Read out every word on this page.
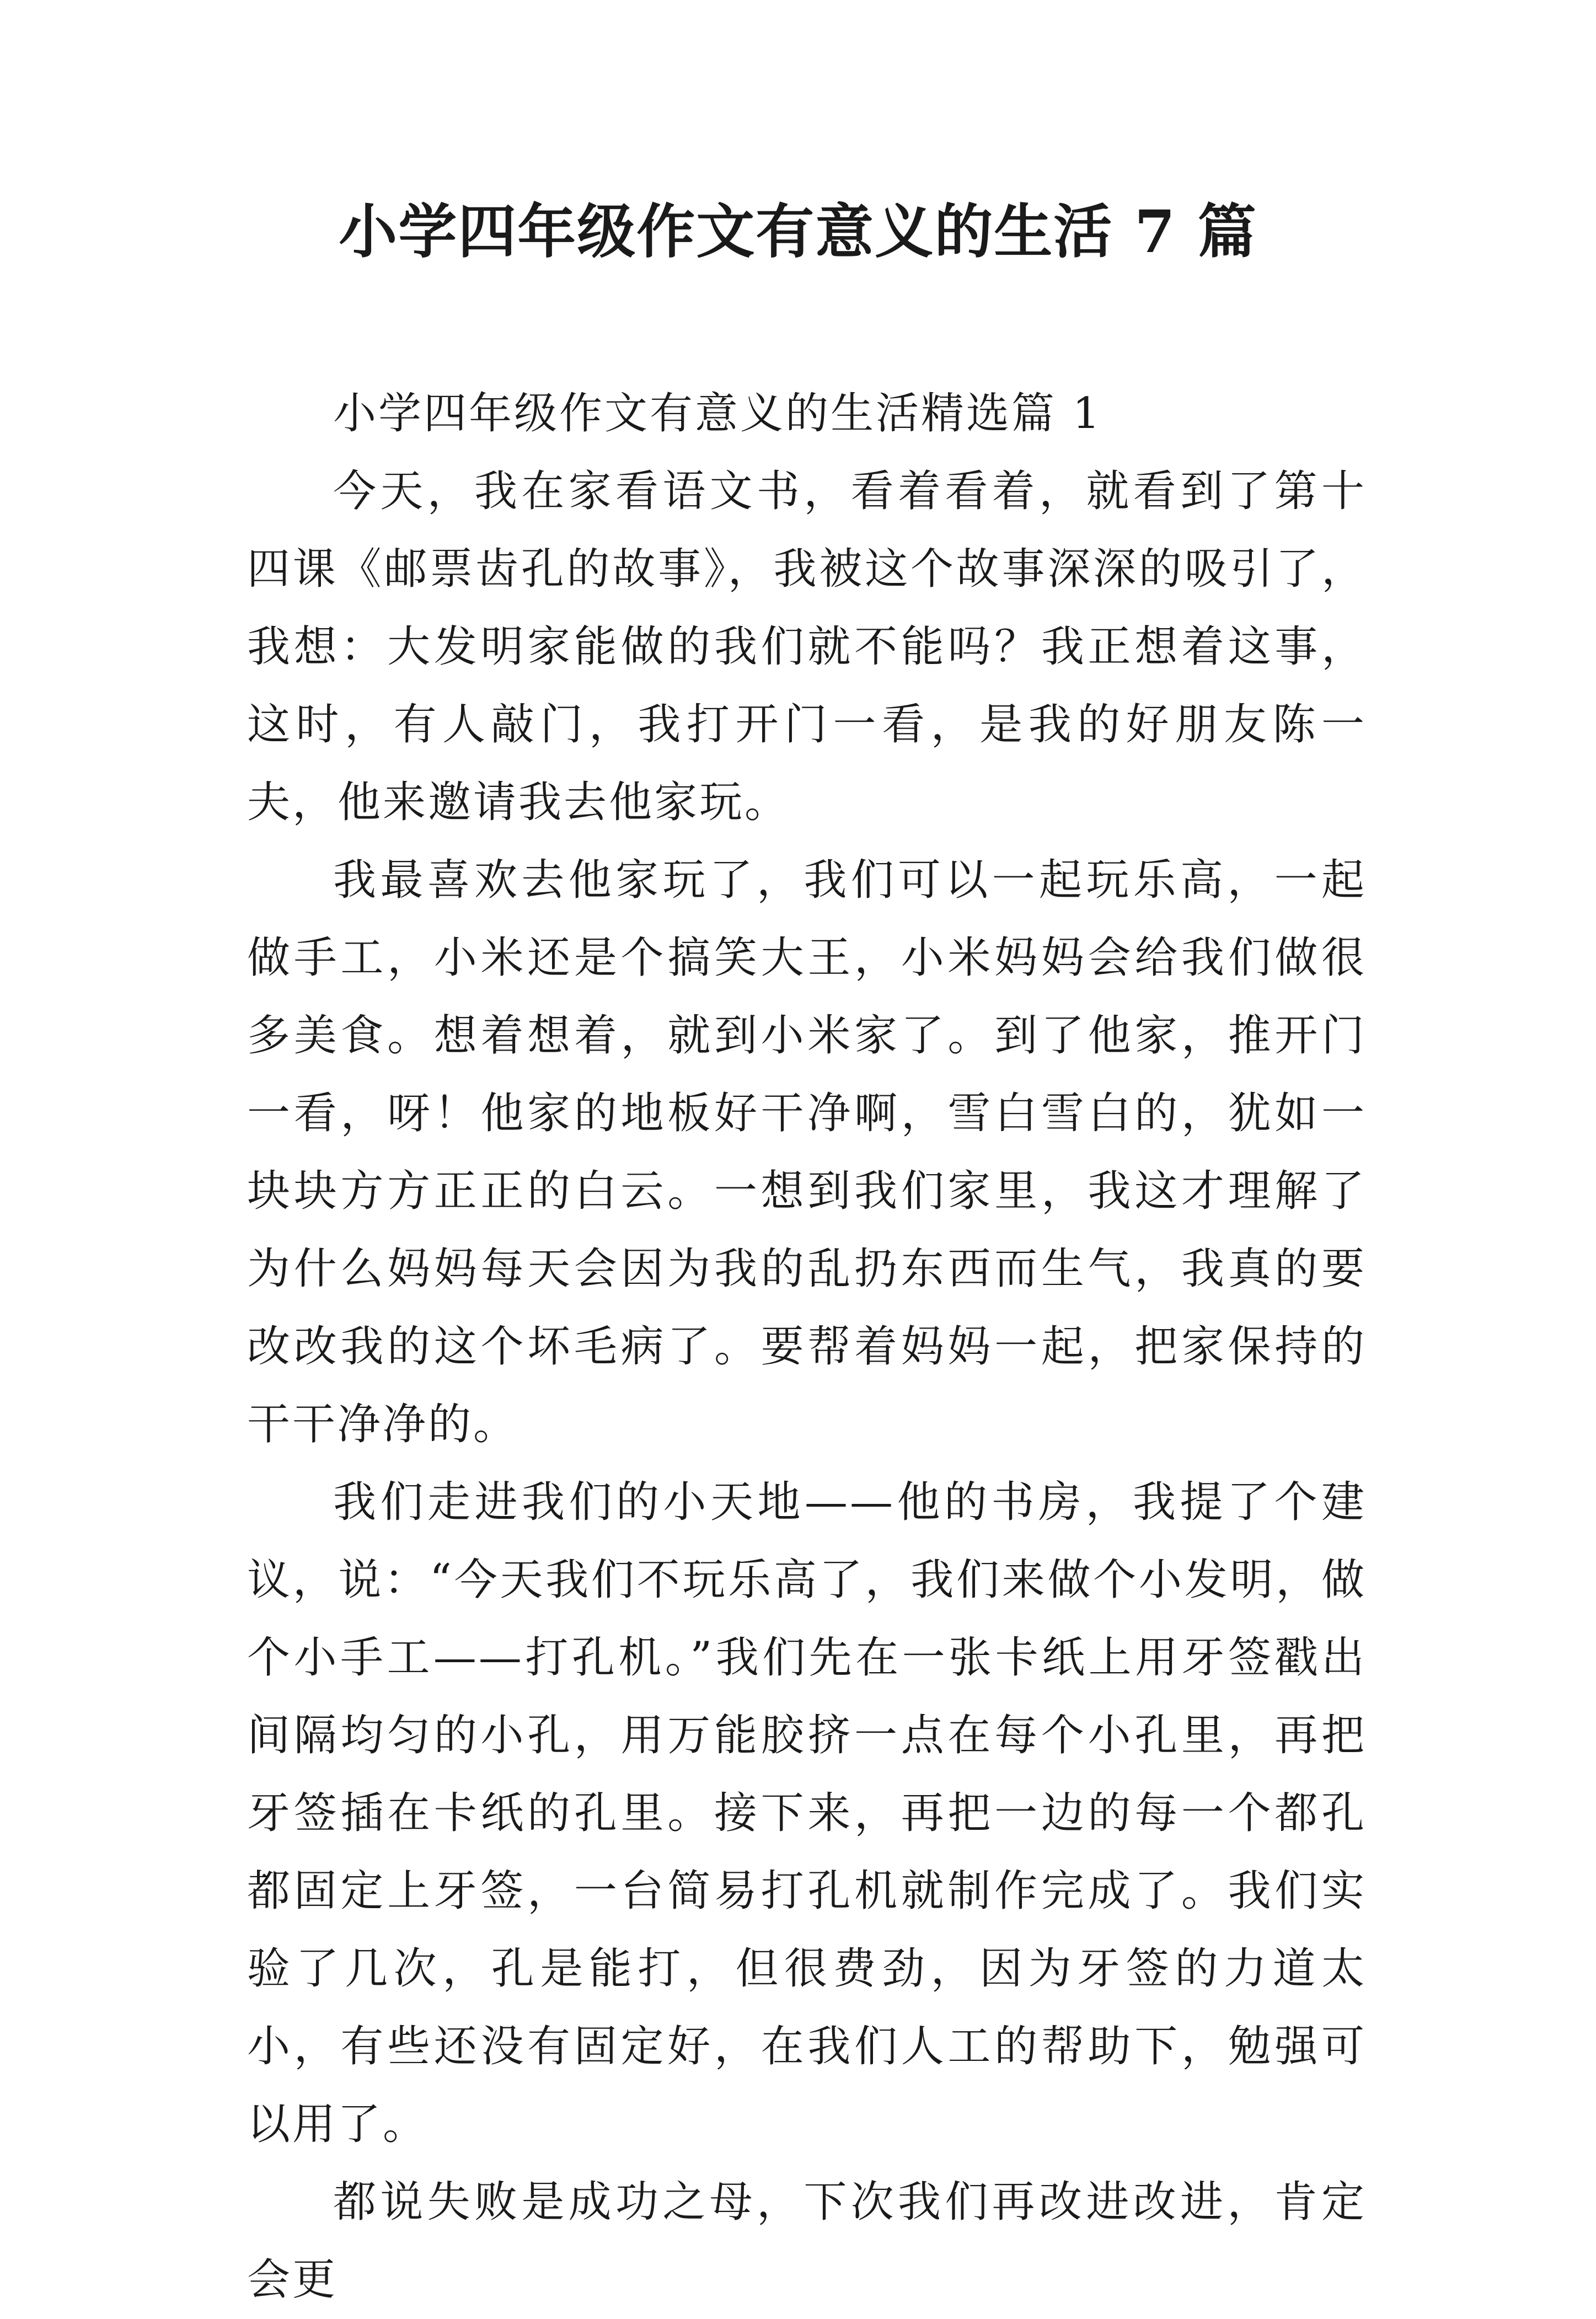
小学四年级作文有意义的生活 7 篇

小学四年级作文有意义的生活精选篇 1

今天，我在家看语文书，看着看着，就看到了第十四课《邮票齿孔的故事》，我被这个故事深深的吸引了，我想：大发明家能做的我们就不能吗？我正想着这事，这时，有人敲门，我打开门一看，是我的好朋友陈一夫，他来邀请我去他家玩。

我最喜欢去他家玩了，我们可以一起玩乐高，一起做手工，小米还是个搞笑大王，小米妈妈会给我们做很多美食。想着想着，就到小米家了。到了他家，推开门一看，呀！他家的地板好干净啊，雪白雪白的，犹如一块块方方正正的白云。一想到我们家里，我这才理解了为什么妈妈每天会因为我的乱扔东西而生气，我真的要改改我的这个坏毛病了。要帮着妈妈一起，把家保持的干干净净的。

我们走进我们的小天地——他的书房，我提了个建议，说：“今天我们不玩乐高了，我们来做个小发明，做个小手工——打孔机。”我们先在一张卡纸上用牙签戳出间隔均匀的小孔，用万能胶挤一点在每个小孔里，再把牙签插在卡纸的孔里。接下来，再把一边的每一个都孔都固定上牙签，一台简易打孔机就制作完成了。我们实验了几次，孔是能打，但很费劲，因为牙签的力道太小，有些还没有固定好，在我们人工的帮助下，勉强可以用了。

都说失败是成功之母，下次我们再改进改进，肯定会更
